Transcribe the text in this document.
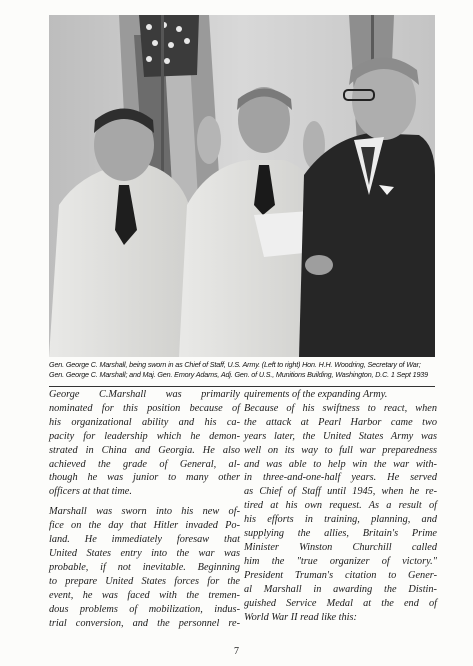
Gen. George C. Marshall, being sworn in as Chief of Staff, U.S. Army. (Left to right) Hon. H.H. Woodring, Secretary of War;
Gen. George C. Marshall; and Maj. Gen. Emory Adams, Adj. Gen. of U.S., Munitions Building, Washington, D.C. 1 Sept 1939

George C.Marshall was primarily
nominated for this position because of
his organizational ability and his ca-
pacity for leadership which he demon-
strated in China and Georgia. He also
achieved the grade of General, al-
though he was junior to many other
officers at that time.

Marshall was sworn into his new of-
fice on the day that Hitler invaded Po-
land. He immediately foresaw that
United States entry into the war was
probable, if not inevitable. Beginning
to prepare United States forces for the
event, he was faced with the tremen-
dous problems of mobilization, indus-
trial conversion, and the personnel re-

quirements of the expanding Army.
Because of his swiftness to react, when
the attack at Pearl Harbor came two
years later, the United States Army was
well on its way to full war preparedness
and was able to help win the war with-
in three-and-one-half years. He served
as Chief of Staff until 1945, when he re-
tired at his own request. As a result of
his efforts in training, planning, and
supplying the allies, Britain's Prime
Minister Winston Churchill called
him the "true organizer of victory."
President Truman's citation to Gener-
al Marshall in awarding the Distin-
guished Service Medal at the end of
World War II read like this:

7
